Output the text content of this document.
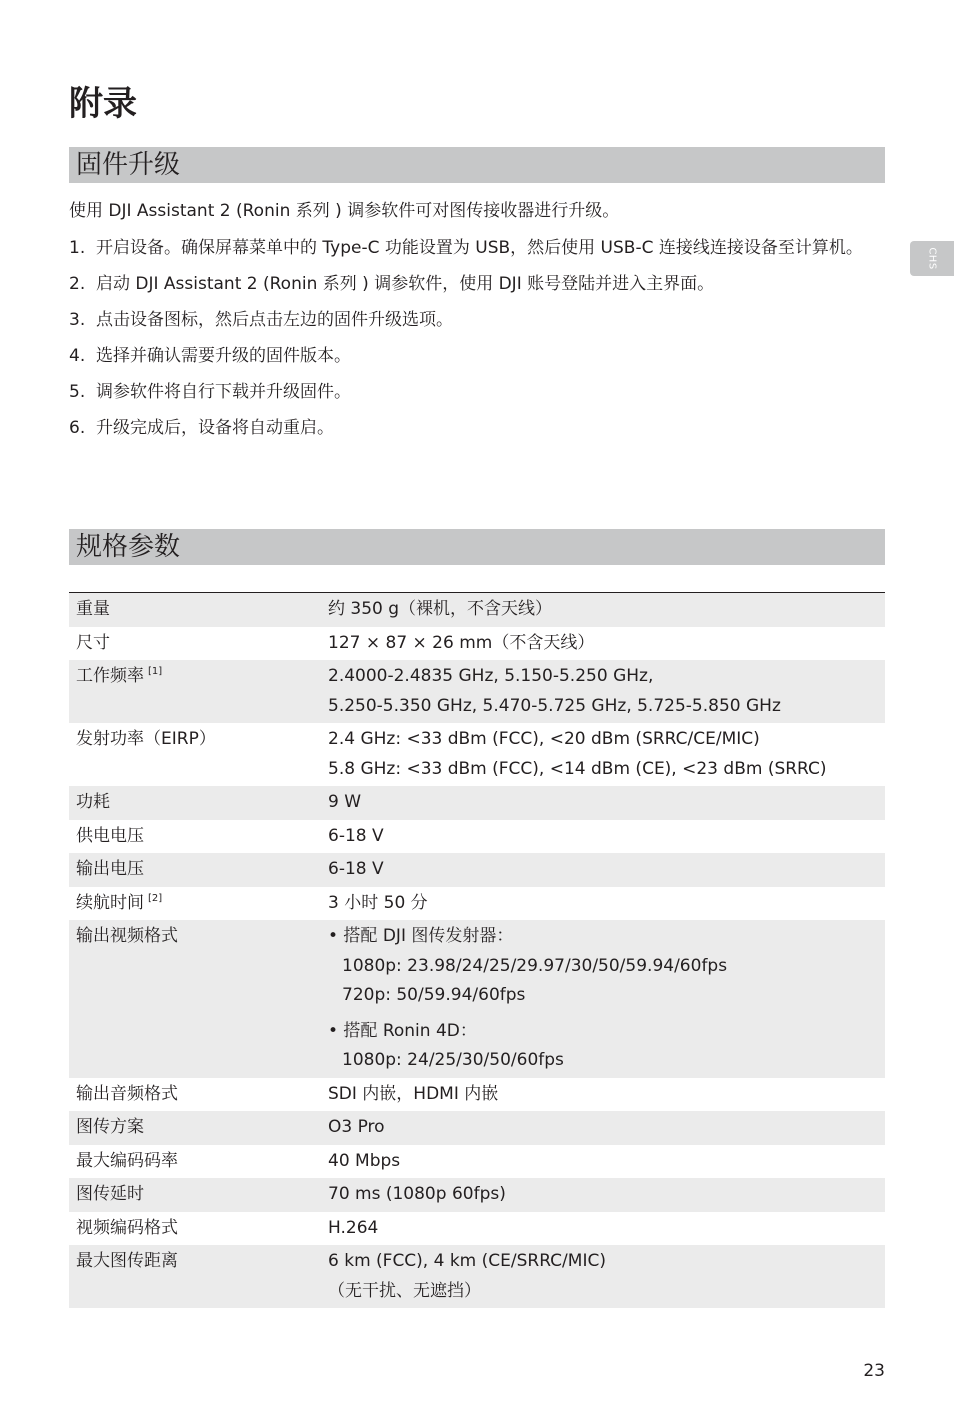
附录
CHS
固件升级

使用 DJI Assistant 2 (Ronin 系列 ) 调参软件可对图传接收器进行升级。

1. 开启设备。确保屏幕菜单中的 Type-C 功能设置为 USB，然后使用 USB-C 连接线连接设备至计算机。
2. 启动 DJI Assistant 2 (Ronin 系列 ) 调参软件，使用 DJI 账号登陆并进入主界面。
3. 点击设备图标，然后点击左边的固件升级选项。
4. 选择并确认需要升级的固件版本。
5. 调参软件将自行下载并升级固件。
6. 升级完成后，设备将自动重启。
规格参数
重量	约 350 g（裸机，不含天线）

尺寸	127 × 87 × 26 mm（不含天线）

工作频率 [1]	2.4000-2.4835 GHz, 5.150-5.250 GHz,
5.250-5.350 GHz, 5.470-5.725 GHz, 5.725-5.850 GHz

发射功率（EIRP）	2.4 GHz: <33 dBm (FCC), <20 dBm (SRRC/CE/MIC)
5.8 GHz: <33 dBm (FCC), <14 dBm (CE), <23 dBm (SRRC)

功耗	9 W

供电电压	6-18 V

输出电压	6-18 V

续航时间 [2]	3 小时 50 分

输出视频格式	• 搭配 DJI 图传发射器：
1080p: 23.98/24/25/29.97/30/50/59.94/60fps
720p: 50/59.94/60fps
• 搭配 Ronin 4D：
1080p: 24/25/30/50/60fps

输出音频格式	SDI 内嵌，HDMI 内嵌

图传方案	O3 Pro

最大编码码率	40 Mbps

图传延时	70 ms (1080p 60fps)

视频编码格式	H.264

最大图传距离	6 km (FCC), 4 km (CE/SRRC/MIC)
（无干扰、无遮挡）
23
